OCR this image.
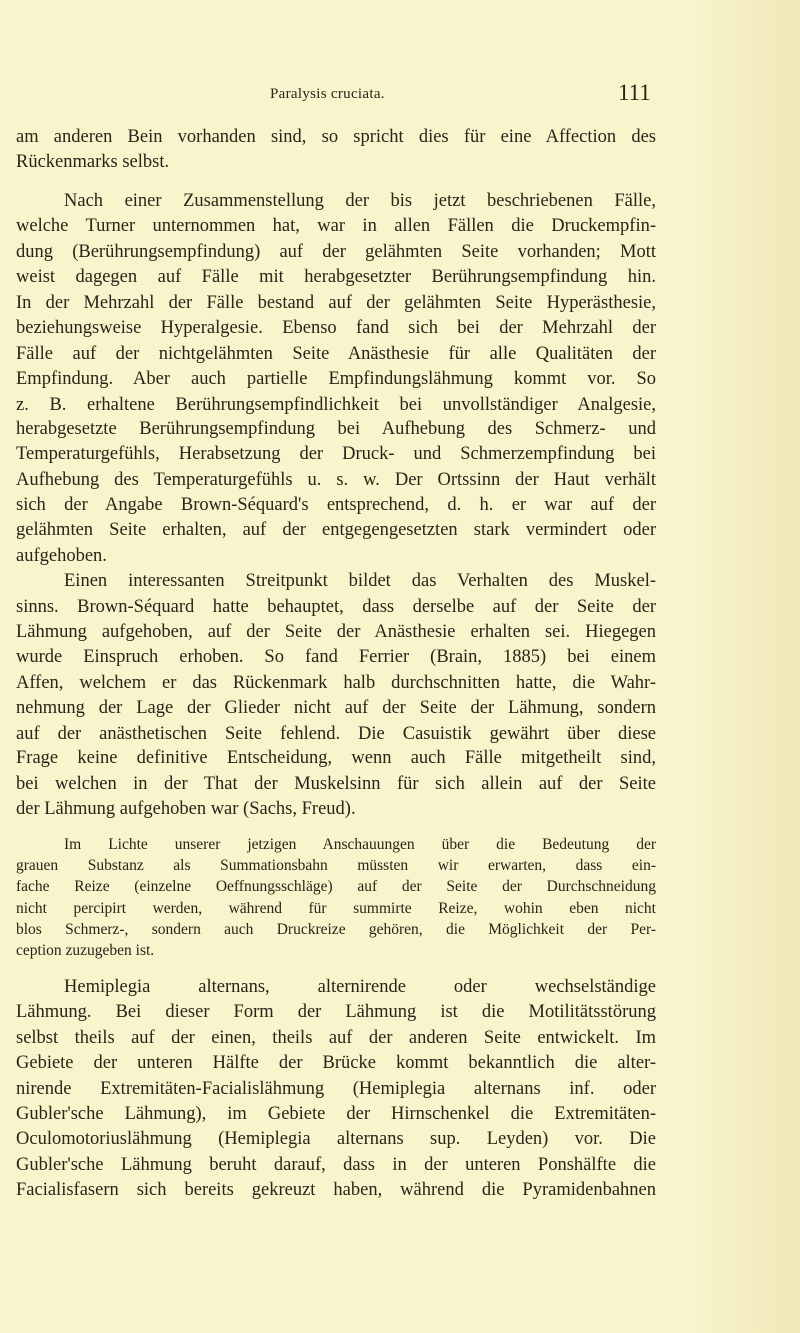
Paralysis cruciata.	111
am anderen Bein vorhanden sind, so spricht dies für eine Affection des
Rückenmarks selbst.
Nach einer Zusammenstellung der bis jetzt beschriebenen Fälle,
welche Turner unternommen hat, war in allen Fällen die Druckempfin-
dung (Berührungsempfindung) auf der gelähmten Seite vorhanden; Mott
weist dagegen auf Fälle mit herabgesetzter Berührungsempfindung hin.
In der Mehrzahl der Fälle bestand auf der gelähmten Seite Hyperästhesie,
beziehungsweise Hyperalgesie. Ebenso fand sich bei der Mehrzahl der
Fälle auf der nichtgelähmten Seite Anästhesie für alle Qualitäten der
Empfindung. Aber auch partielle Empfindungslähmung kommt vor. So
z. B. erhaltene Berührungsempfindlichkeit bei unvollständiger Analgesie,
herabgesetzte Berührungsempfindung bei Aufhebung des Schmerz- und
Temperaturgefühls, Herabsetzung der Druck- und Schmerzempfindung bei
Aufhebung des Temperaturgefühls u. s. w. Der Ortssinn der Haut verhält
sich der Angabe Brown-Séquard's entsprechend, d. h. er war auf der
gelähmten Seite erhalten, auf der entgegengesetzten stark vermindert oder
aufgehoben.
Einen interessanten Streitpunkt bildet das Verhalten des Muskel-
sinns. Brown-Séquard hatte behauptet, dass derselbe auf der Seite der
Lähmung aufgehoben, auf der Seite der Anästhesie erhalten sei. Hiegegen
wurde Einspruch erhoben. So fand Ferrier (Brain, 1885) bei einem
Affen, welchem er das Rückenmark halb durchschnitten hatte, die Wahr-
nehmung der Lage der Glieder nicht auf der Seite der Lähmung, sondern
auf der anästhetischen Seite fehlend. Die Casuistik gewährt über diese
Frage keine definitive Entscheidung, wenn auch Fälle mitgetheilt sind,
bei welchen in der That der Muskelsinn für sich allein auf der Seite
der Lähmung aufgehoben war (Sachs, Freud).
Im Lichte unserer jetzigen Anschauungen über die Bedeutung der
grauen Substanz als Summationsbahn müssten wir erwarten, dass ein-
fache Reize (einzelne Oeffnungsschläge) auf der Seite der Durchschneidung
nicht percipirt werden, während für summirte Reize, wohin eben nicht
blos Schmerz-, sondern auch Druckreize gehören, die Möglichkeit der Per-
ception zuzugeben ist.
Hemiplegia alternans, alternirende oder wechselständige
Lähmung. Bei dieser Form der Lähmung ist die Motilitätsstörung
selbst theils auf der einen, theils auf der anderen Seite entwickelt. Im
Gebiete der unteren Hälfte der Brücke kommt bekanntlich die alter-
nirende Extremitäten-Facialislähmung (Hemiplegia alternans inf. oder
Gubler'sche Lähmung), im Gebiete der Hirnschenkel die Extremitäten-
Oculomotoriuslähmung (Hemiplegia alternans sup. Leyden) vor. Die
Gubler'sche Lähmung beruht darauf, dass in der unteren Ponshälfte die
Facialisfasern sich bereits gekreuzt haben, während die Pyramidenbahnen
